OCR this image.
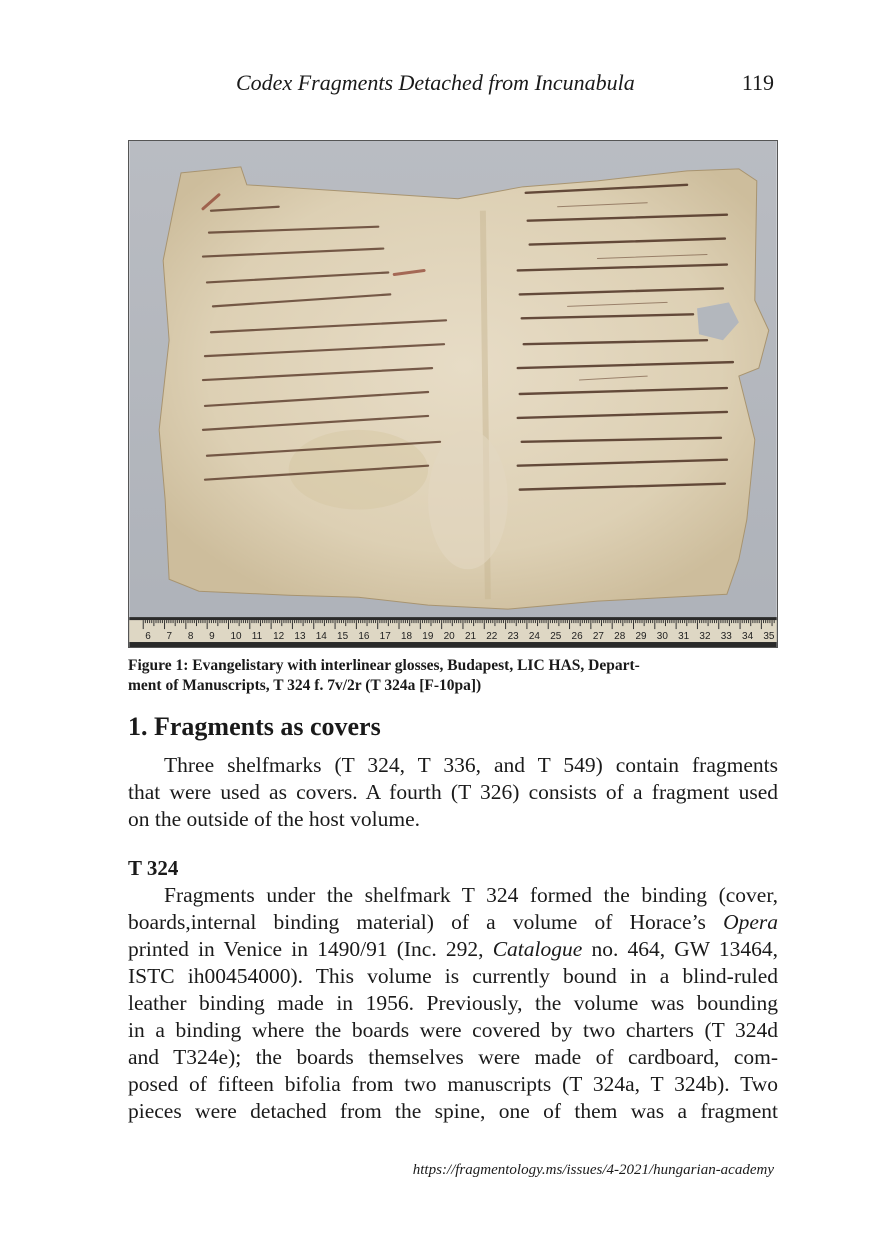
Codex Fragments Detached from Incunabula	119
6 7 8 9 10 11 12 13 14 15 16 17 18 19 20 21 22 23 24 25 26 27 28 29 30 31 32 33 34 35
Figure 1: Evangelistary with interlinear glosses, Budapest, LIC HAS, Depart-
ment of Manuscripts, T 324 f. 7v/2r (T 324a [F-10pa])
1. Fragments as covers

Three shelfmarks (T 324, T 336, and T 549) contain fragments
that were used as covers. A fourth (T 326) consists of a fragment used
on the outside of the host volume.

T 324

Fragments under the shelfmark T 324 formed the binding (cover,
boards,internal binding material) of a volume of Horace’s Opera
printed in Venice in 1490/91 (Inc. 292, Catalogue no. 464, GW 13464,
ISTC ih00454000). This volume is currently bound in a blind-ruled
leather binding made in 1956. Previously, the volume was bounding
in a binding where the boards were covered by two charters (T 324d
and T324e); the boards themselves were made of cardboard, com-
posed of fifteen bifolia from two manuscripts (T 324a, T 324b). Two
pieces were detached from the spine, one of them was a fragment

https://fragmentology.ms/issues/4-2021/hungarian-academy
